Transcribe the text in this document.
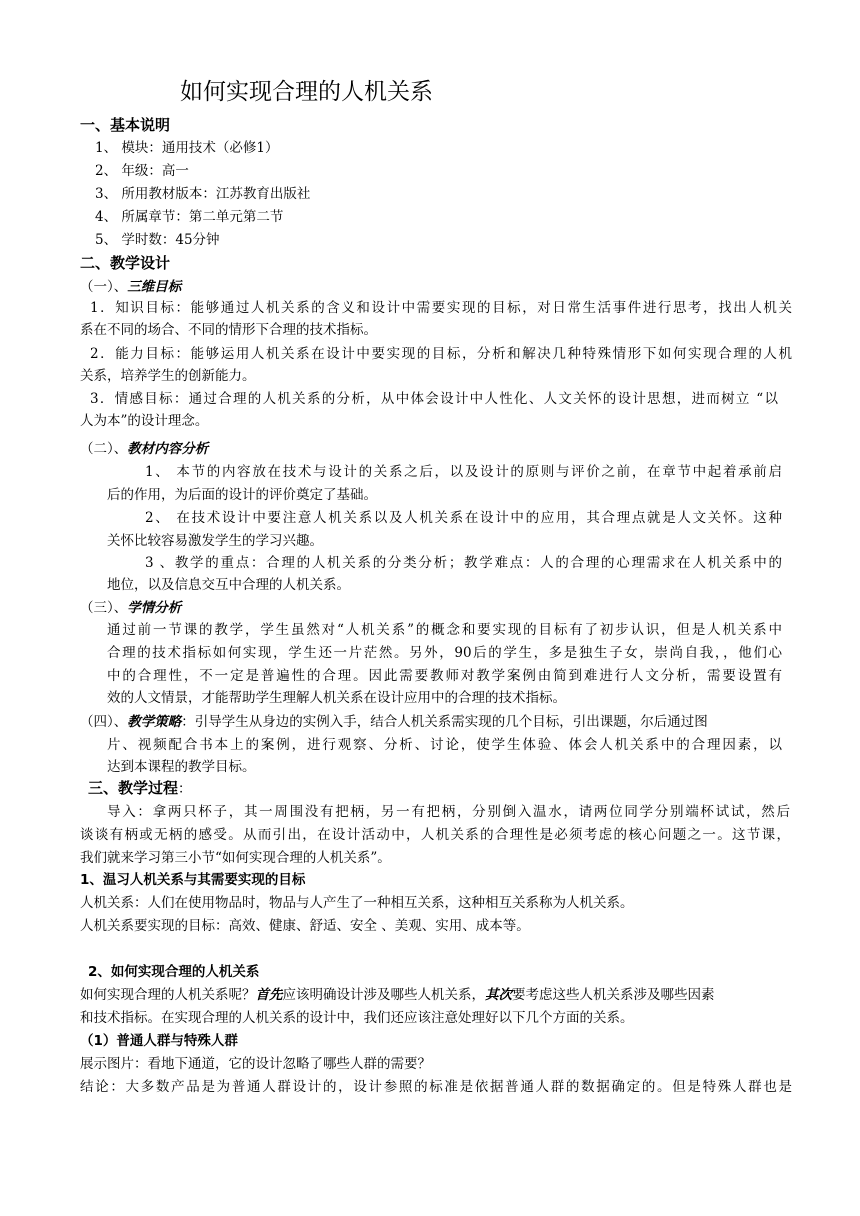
如何实现合理的人机关系
一、基本说明
1、 模块：通用技术（必修1）
2、 年级：高一
3、 所用教材版本：江苏教育出版社
4、 所属章节：第二单元第二节
5、 学时数：45分钟
二、教学设计
（一）、三维目标
1．知识目标：能够通过人机关系的含义和设计中需要实现的目标，对日常生活事件进行思考，找出人机关
系在不同的场合、不同的情形下合理的技术指标。
2．能力目标：能够运用人机关系在设计中要实现的目标，分析和解决几种特殊情形下如何实现合理的人机
关系，培养学生的创新能力。
3．情感目标：通过合理的人机关系的分析，从中体会设计中人性化、人文关怀的设计思想，进而树立 “以
人为本”的设计理念。
（二）、教材内容分析
1、 本节的内容放在技术与设计的关系之后，以及设计的原则与评价之前，在章节中起着承前启
后的作用，为后面的设计的评价奠定了基础。
2、 在技术设计中要注意人机关系以及人机关系在设计中的应用，其合理点就是人文关怀。这种
关怀比较容易激发学生的学习兴趣。
3 、教学的重点：合理的人机关系的分类分析；教学难点：人的合理的心理需求在人机关系中的
地位，以及信息交互中合理的人机关系。
（三）、学情分析
通过前一节课的教学，学生虽然对“人机关系”的概念和要实现的目标有了初步认识，但是人机关系中
合理的技术指标如何实现，学生还一片茫然。另外，90后的学生，多是独生子女，崇尚自我，，他们心
中的合理性，不一定是普遍性的合理。因此需要教师对教学案例由简到难进行人文分析，需要设置有
效的人文情景，才能帮助学生理解人机关系在设计应用中的合理的技术指标。
（四）、教学策略：引导学生从身边的实例入手，结合人机关系需实现的几个目标，引出课题，尔后通过图
片、视频配合书本上的案例，进行观察、分析、讨论，使学生体验、体会人机关系中的合理因素，以
达到本课程的教学目标。
三、教学过程：
导入：拿两只杯子，其一周围没有把柄，另一有把柄，分别倒入温水，请两位同学分别端杯试试，然后
谈谈有柄或无柄的感受。从而引出，在设计活动中，人机关系的合理性是必须考虑的核心问题之一。这节课，
我们就来学习第三小节“如何实现合理的人机关系”。
1、温习人机关系与其需要实现的目标
人机关系：人们在使用物品时，物品与人产生了一种相互关系，这种相互关系称为人机关系。
人机关系要实现的目标：高效、健康、舒适、安全 、美观、实用、成本等。
2、如何实现合理的人机关系
如何实现合理的人机关系呢？首先应该明确设计涉及哪些人机关系，其次要考虑这些人机关系涉及哪些因素
和技术指标。在实现合理的人机关系的设计中，我们还应该注意处理好以下几个方面的关系。
（1）普通人群与特殊人群
展示图片：看地下通道，它的设计忽略了哪些人群的需要？
结论：大多数产品是为普通人群设计的，设计参照的标准是依据普通人群的数据确定的。但是特殊人群也是
